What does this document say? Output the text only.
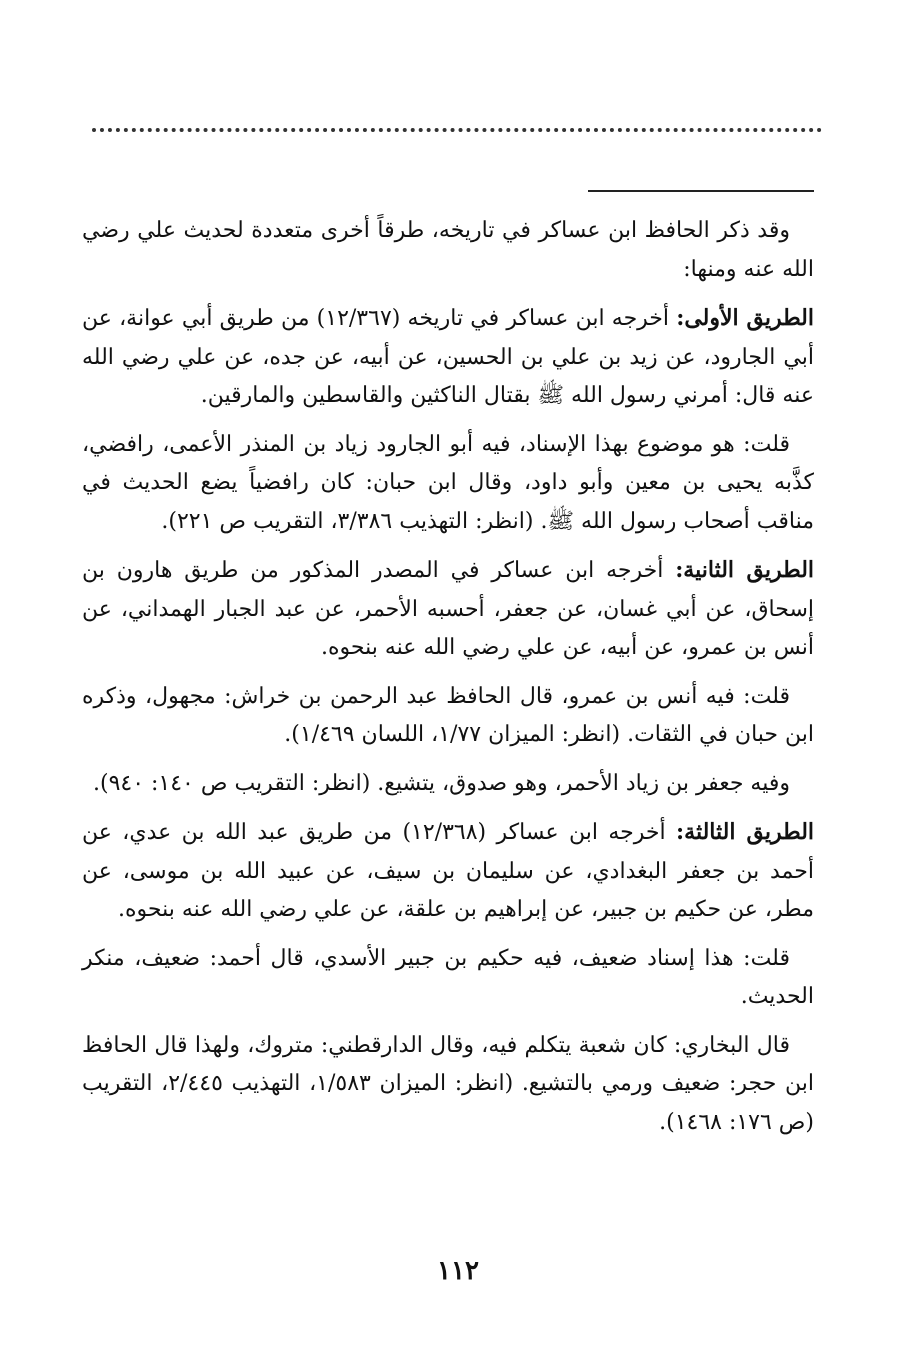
وقد ذكر الحافظ ابن عساكر في تاريخه، طرقاً أخرى متعددة لحديث علي رضي الله عنه ومنها:

الطريق الأولى: أخرجه ابن عساكر في تاريخه (١٢/٣٦٧) من طريق أبي عوانة، عن أبي الجارود، عن زيد بن علي بن الحسين، عن أبيه، عن جده، عن علي رضي الله عنه قال: أمرني رسول الله ﷺ بقتال الناكثين والقاسطين والمارقين.

قلت: هو موضوع بهذا الإسناد، فيه أبو الجارود زياد بن المنذر الأعمى، رافضي، كذَّبه يحيى بن معين وأبو داود، وقال ابن حبان: كان رافضياً يضع الحديث في مناقب أصحاب رسول الله ﷺ. (انظر: التهذيب ٣/٣٨٦، التقريب ص ٢٢١).

الطريق الثانية: أخرجه ابن عساكر في المصدر المذكور من طريق هارون بن إسحاق، عن أبي غسان، عن جعفر، أحسبه الأحمر، عن عبد الجبار الهمداني، عن أنس بن عمرو، عن أبيه، عن علي رضي الله عنه بنحوه.

قلت: فيه أنس بن عمرو، قال الحافظ عبد الرحمن بن خراش: مجهول، وذكره ابن حبان في الثقات. (انظر: الميزان ١/٧٧، اللسان ١/٤٦٩).

وفيه جعفر بن زياد الأحمر، وهو صدوق، يتشيع. (انظر: التقريب ص ١٤٠: ٩٤٠).

الطريق الثالثة: أخرجه ابن عساكر (١٢/٣٦٨) من طريق عبد الله بن عدي، عن أحمد بن جعفر البغدادي، عن سليمان بن سيف، عن عبيد الله بن موسى، عن مطر، عن حكيم بن جبير، عن إبراهيم بن علقة، عن علي رضي الله عنه بنحوه.

قلت: هذا إسناد ضعيف، فيه حكيم بن جبير الأسدي، قال أحمد: ضعيف، منكر الحديث.

قال البخاري: كان شعبة يتكلم فيه، وقال الدارقطني: متروك، ولهذا قال الحافظ ابن حجر: ضعيف ورمي بالتشيع. (انظر: الميزان ١/٥٨٣، التهذيب ٢/٤٤٥، التقريب (ص ١٧٦: ١٤٦٨).

١١٢
